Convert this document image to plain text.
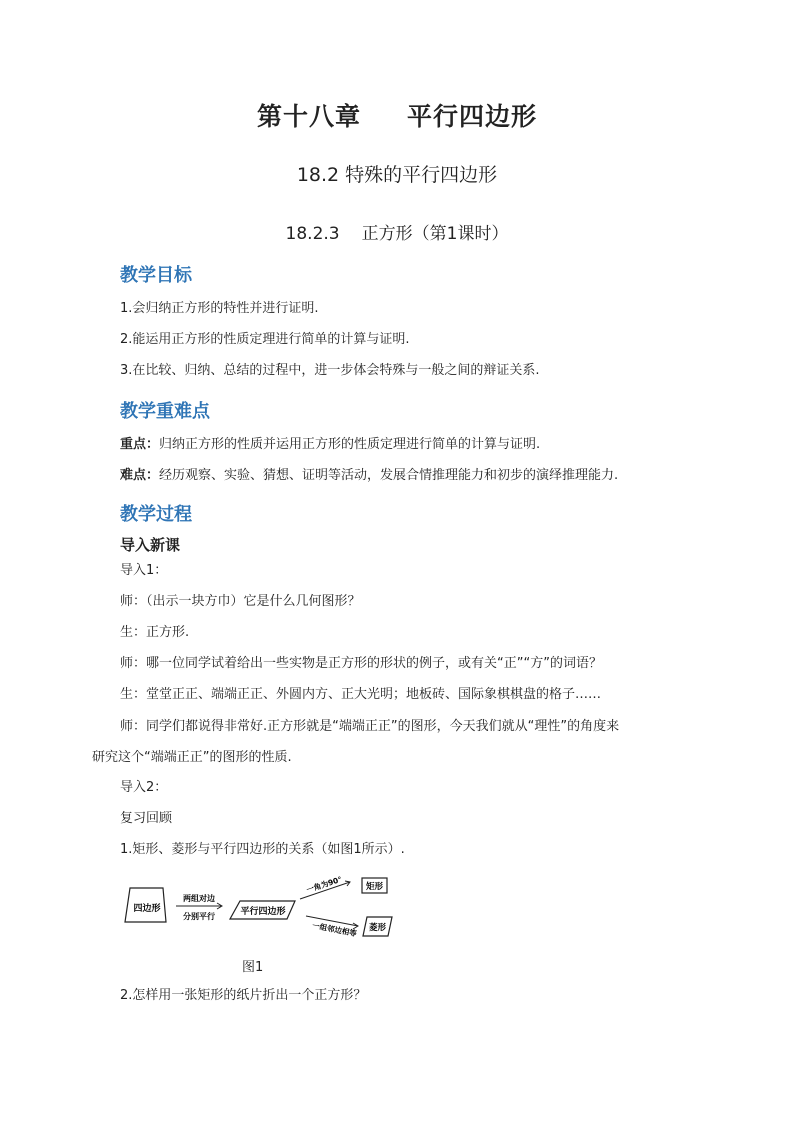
第十八章 平行四边形
18.2 特殊的平行四边形
18.2.3 正方形（第1课时）
教学目标
1.会归纳正方形的特性并进行证明.
2.能运用正方形的性质定理进行简单的计算与证明.
3.在比较、归纳、总结的过程中，进一步体会特殊与一般之间的辩证关系.
教学重难点
重点：归纳正方形的性质并运用正方形的性质定理进行简单的计算与证明.
难点：经历观察、实验、猜想、证明等活动，发展合情推理能力和初步的演绎推理能力.
教学过程
导入新课
导入1：
师：（出示一块方巾）它是什么几何图形？
生：正方形.
师：哪一位同学试着给出一些实物是正方形的形状的例子，或有关“正”“方”的词语？
生：堂堂正正、端端正正、外圆内方、正大光明；地板砖、国际象棋棋盘的格子……
师：同学们都说得非常好.正方形就是“端端正正”的图形，今天我们就从“理性”的角度来
研究这个“端端正正”的图形的性质.
导入2：
复习回顾
1.矩形、菱形与平行四边形的关系（如图1所示）.
四边形
两组对边
分别平行	平行四边形
一角为90°	矩形
一组邻边相等 菱形
图1
2.怎样用一张矩形的纸片折出一个正方形？
